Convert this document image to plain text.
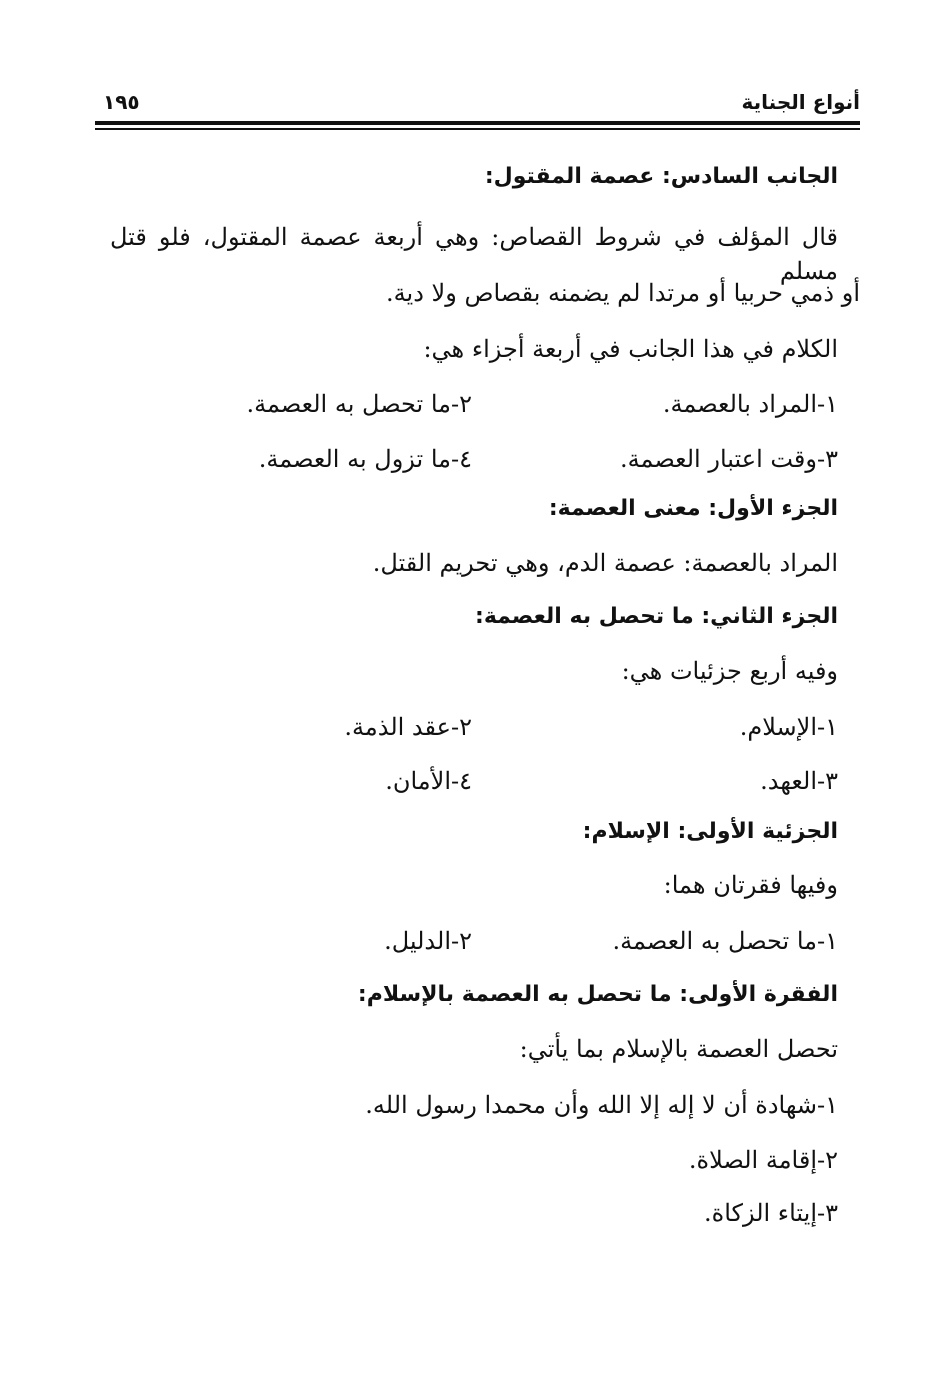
أنواع الجناية
١٩٥
الجانب السادس: عصمة المقتول:
قال المؤلف في شروط القصاص: وهي أربعة عصمة المقتول، فلو قتل مسلم
أو ذمي حربيا أو مرتدا لم يضمنه بقصاص ولا دية.
الكلام في هذا الجانب في أربعة أجزاء هي:
١-المراد بالعصمة.
٢-ما تحصل به العصمة.
٣-وقت اعتبار العصمة.
٤-ما تزول به العصمة.
الجزء الأول: معنى العصمة:
المراد بالعصمة: عصمة الدم، وهي تحريم القتل.
الجزء الثاني: ما تحصل به العصمة:
وفيه أربع جزئيات هي:
١-الإسلام.
٢-عقد الذمة.
٣-العهد.
٤-الأمان.
الجزئية الأولى: الإسلام:
وفيها فقرتان هما:
١-ما تحصل به العصمة.
٢-الدليل.
الفقرة الأولى: ما تحصل به العصمة بالإسلام:
تحصل العصمة بالإسلام بما يأتي:
١-شهادة أن لا إله إلا الله وأن محمدا رسول الله.
٢-إقامة الصلاة.
٣-إيتاء الزكاة.
